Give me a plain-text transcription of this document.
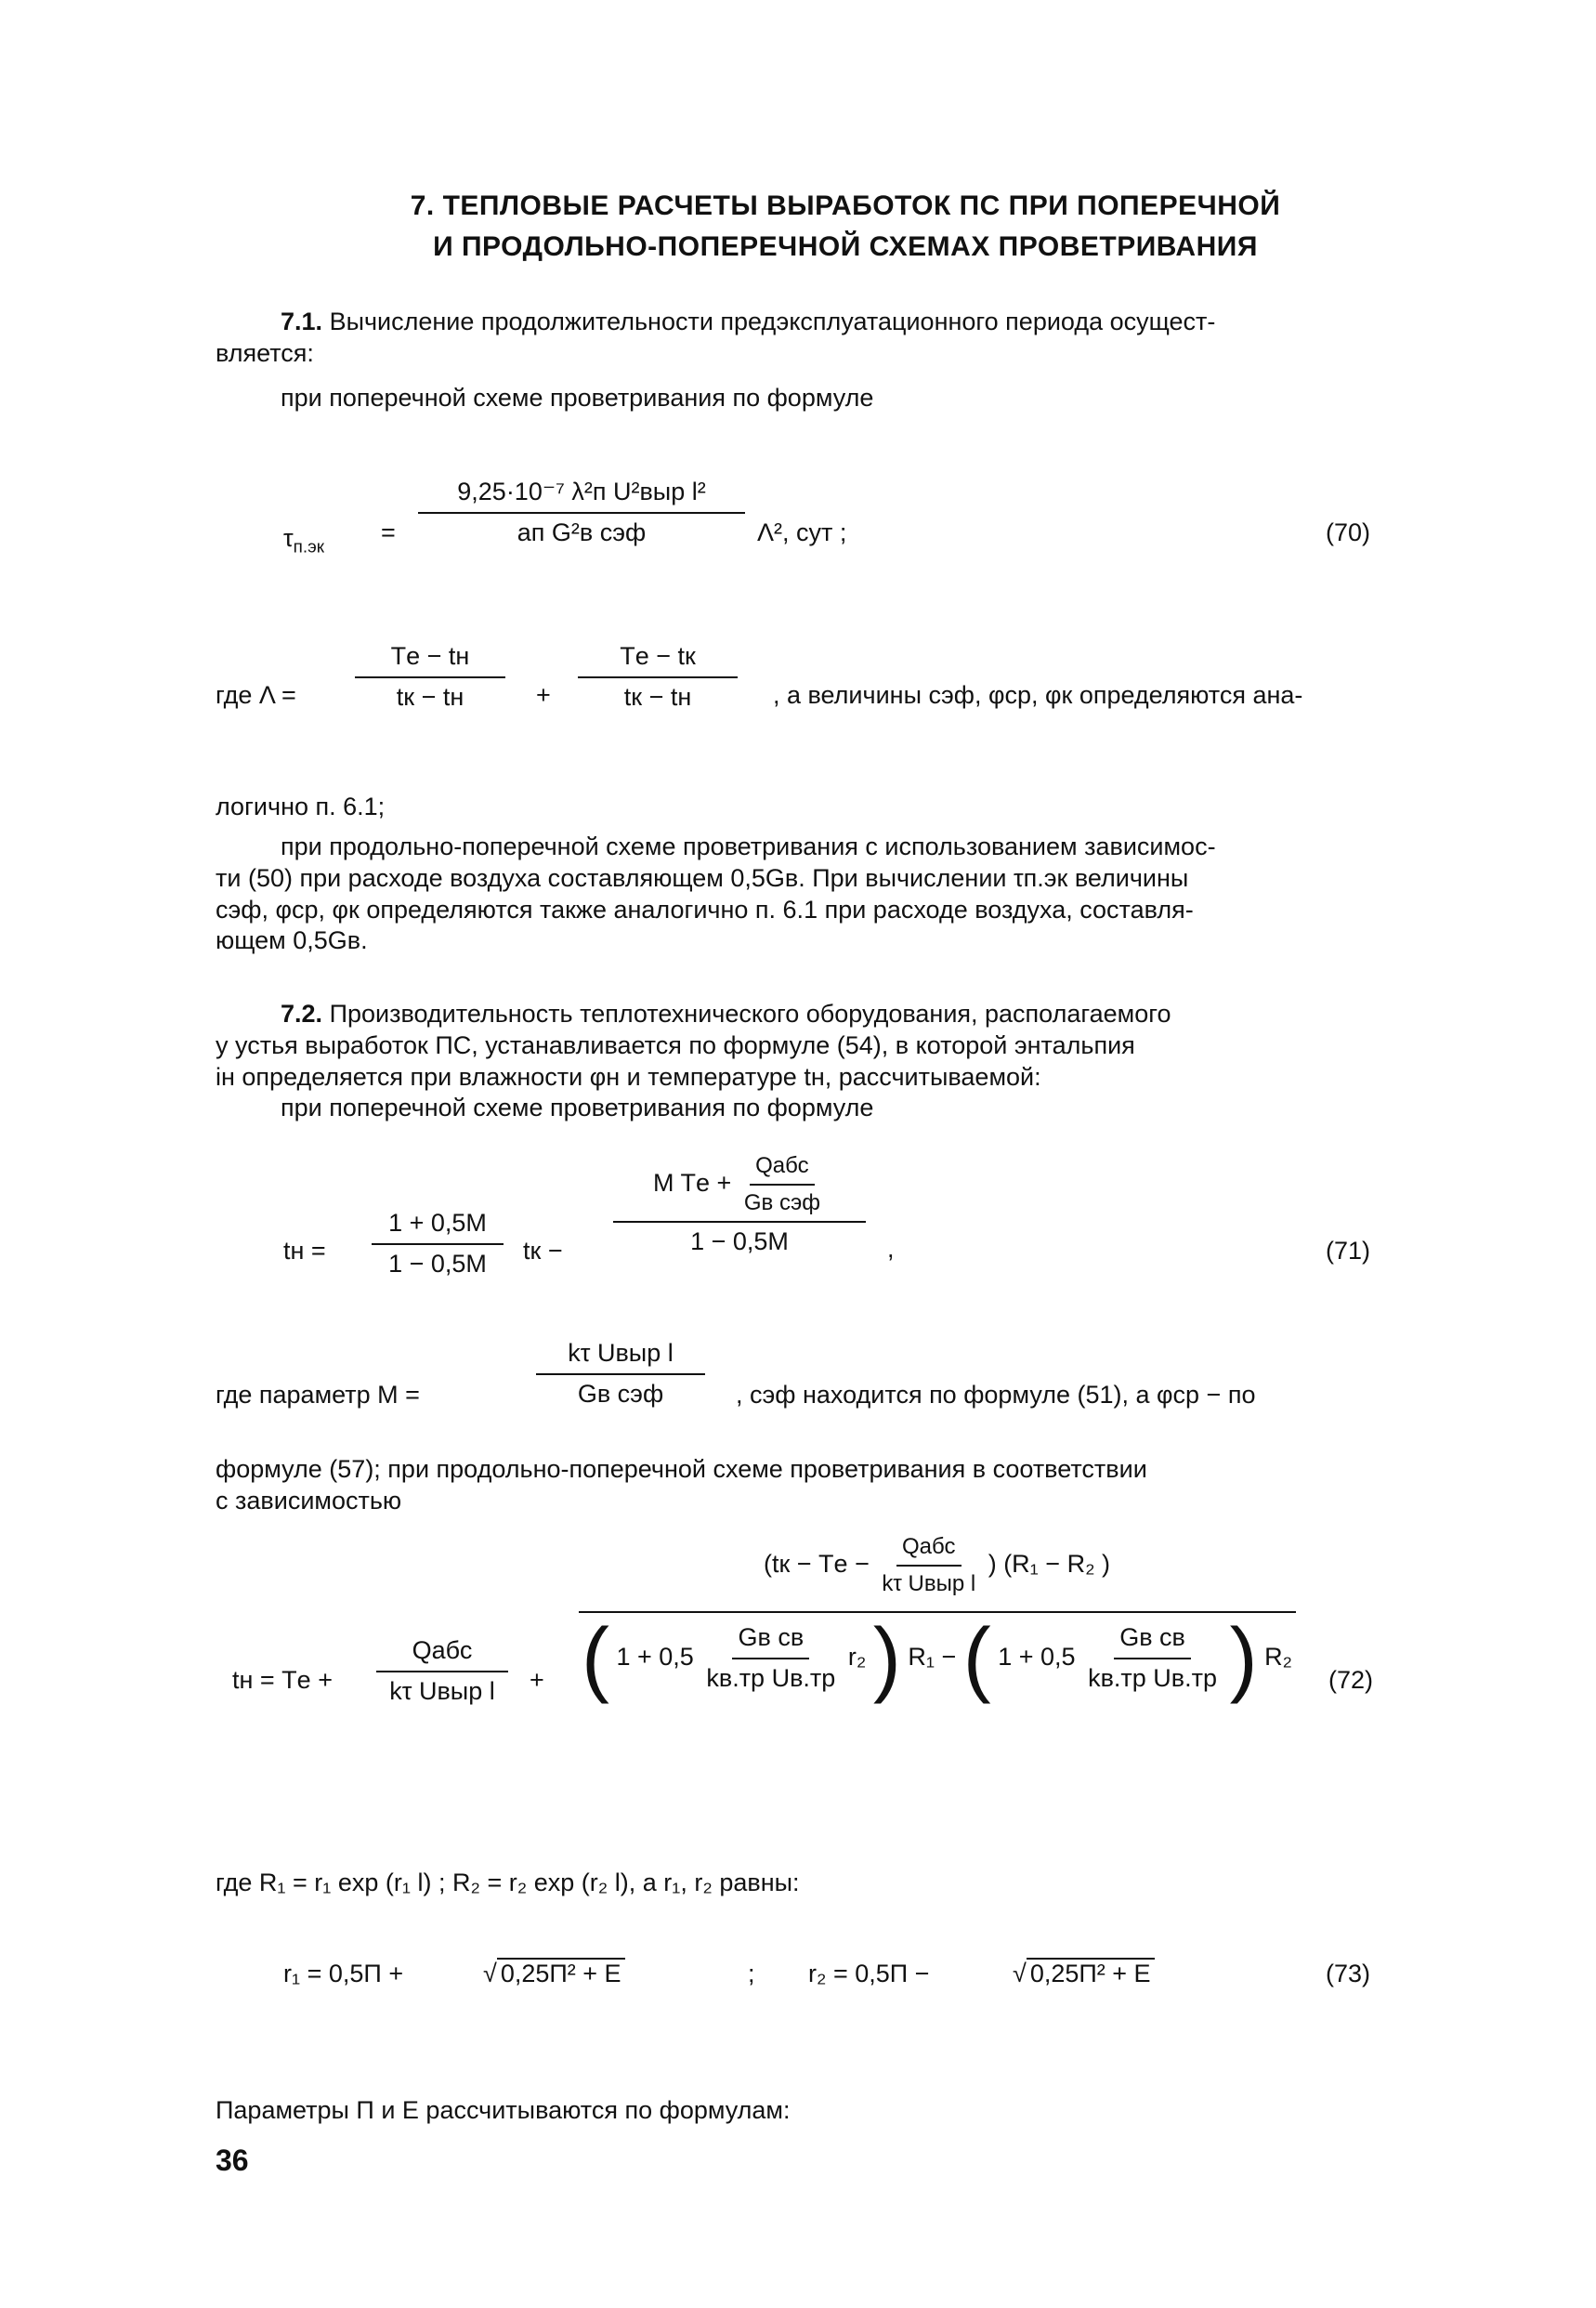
7. ТЕПЛОВЫЕ РАСЧЕТЫ ВЫРАБОТОК ПС ПРИ ПОПЕРЕЧНОЙ
И ПРОДОЛЬНО-ПОПЕРЕЧНОЙ СХЕМАХ ПРОВЕТРИВАНИЯ
7.1. Вычисление продолжительности предэксплуатационного периода осущест-
вляется:
при поперечной схеме проветривания по формуле
$\tau_{п.эк}$
=
9,25·10⁻⁷ λ²п U²выр l²
aп G²в cэф	Λ², сут ;	(70)
где Λ =
Tе − tн
tк − tн	+
Tе − tк
tк − tн	, а величины cэф, φср, φк определяются ана-
логично п. 6.1;
при продольно-поперечной схеме проветривания с использованием зависимос-
ти (50) при расходе воздуха составляющем 0,5Gв. При вычислении τп.эк величины
cэф, φср, φк определяются также аналогично п. 6.1 при расходе воздуха, составля-
ющем 0,5Gв.
7.2. Производительность теплотехнического оборудования, располагаемого
у устья выработок ПС, устанавливается по формуле (54), в которой энтальпия
iн определяется при влажности φн и температуре tн, рассчитываемой:
при поперечной схеме проветривания по формуле
tн = $\frac{1 + 0,5M}{1 - 0,5M}$ tк −
M Tе + $\frac{\text{Qабс}}{\text{Gв cэф}}$
1 − 0,5M	,	(71)
где параметр M =
kτ Uвыр l
Gв cэф	, cэф находится по формуле (51), а φср − по
формуле (57); при продольно-поперечной схеме проветривания в соответствии
с зависимостью
tн = Tе +
Qабс
kτ Uвыр l +
(tк − Tе − $\frac{\text{Qабс}}{\text{kτ Uвыр l}}$ ) (R₁ − R₂ )
( $1 + 0,5 \frac{\text{Gв cв}}{\text{kв.тр Uв.тр}} r_2$ ) R₁ − ( $1 + 0,5 \frac{\text{Gв cв}}{\text{kв.тр Uв.тр}}$ ) R₂
(72)
где R₁ = r₁ exp (r₁ l) ; R₂ = r₂ exp (r₂ l), а r₁, r₂ равны:
r₁ = 0,5П +	√ 0,25П² + E	; r₂ = 0,5П −	√ 0,25П² + E	(73)
Параметры П и E рассчитываются по формулам:
36
